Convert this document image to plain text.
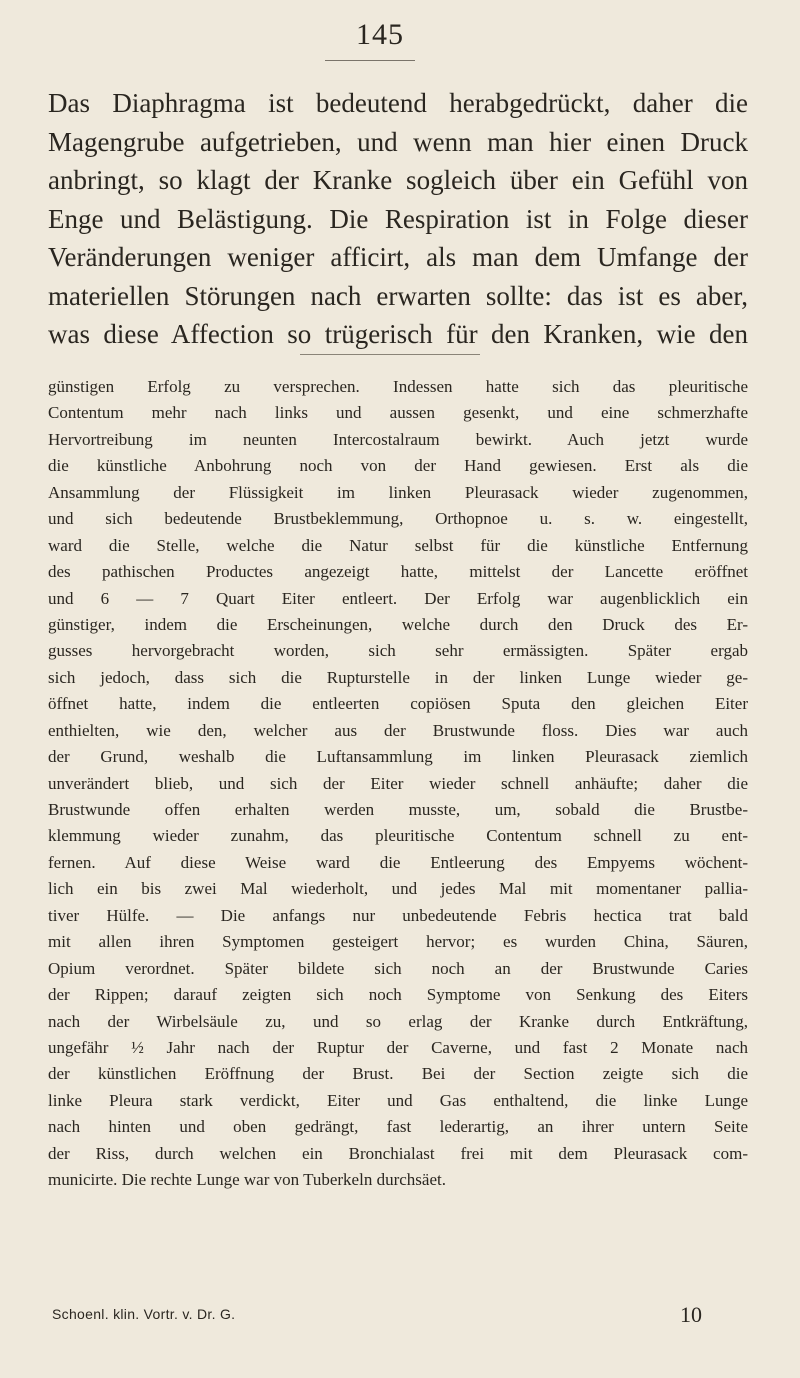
145
Das Diaphragma ist bedeutend herabgedrückt, daher die
Magengrube aufgetrieben, und wenn man hier einen Druck
anbringt, so klagt der Kranke sogleich über ein Gefühl von
Enge und Belästigung. Die Respiration ist in Folge dieser
Veränderungen weniger afficirt, als man dem Umfange der
materiellen Störungen nach erwarten sollte: das ist es aber,
was diese Affection so trügerisch für den Kranken, wie den
günstigen Erfolg zu versprechen. Indessen hatte sich das pleuritische
Contentum mehr nach links und aussen gesenkt, und eine schmerzhafte
Hervortreibung im neunten Intercostalraum bewirkt. Auch jetzt wurde
die künstliche Anbohrung noch von der Hand gewiesen. Erst als die
Ansammlung der Flüssigkeit im linken Pleurasack wieder zugenommen,
und sich bedeutende Brustbeklemmung, Orthopnoe u. s. w. eingestellt,
ward die Stelle, welche die Natur selbst für die künstliche Entfernung
des pathischen Productes angezeigt hatte, mittelst der Lancette eröffnet
und 6 — 7 Quart Eiter entleert. Der Erfolg war augenblicklich ein
günstiger, indem die Erscheinungen, welche durch den Druck des Er-
gusses hervorgebracht worden, sich sehr ermässigten. Später ergab
sich jedoch, dass sich die Rupturstelle in der linken Lunge wieder ge-
öffnet hatte, indem die entleerten copiösen Sputa den gleichen Eiter
enthielten, wie den, welcher aus der Brustwunde floss. Dies war auch
der Grund, weshalb die Luftansammlung im linken Pleurasack ziemlich
unverändert blieb, und sich der Eiter wieder schnell anhäufte; daher die
Brustwunde offen erhalten werden musste, um, sobald die Brustbe-
klemmung wieder zunahm, das pleuritische Contentum schnell zu ent-
fernen. Auf diese Weise ward die Entleerung des Empyems wöchent-
lich ein bis zwei Mal wiederholt, und jedes Mal mit momentaner pallia-
tiver Hülfe. — Die anfangs nur unbedeutende Febris hectica trat bald
mit allen ihren Symptomen gesteigert hervor; es wurden China, Säuren,
Opium verordnet. Später bildete sich noch an der Brustwunde Caries
der Rippen; darauf zeigten sich noch Symptome von Senkung des Eiters
nach der Wirbelsäule zu, und so erlag der Kranke durch Entkräftung,
ungefähr ½ Jahr nach der Ruptur der Caverne, und fast 2 Monate nach
der künstlichen Eröffnung der Brust. Bei der Section zeigte sich die
linke Pleura stark verdickt, Eiter und Gas enthaltend, die linke Lunge
nach hinten und oben gedrängt, fast lederartig, an ihrer untern Seite
der Riss, durch welchen ein Bronchialast frei mit dem Pleurasack com-
municirte. Die rechte Lunge war von Tuberkeln durchsäet.
Schoenl. klin. Vortr. v. Dr. G.	10
